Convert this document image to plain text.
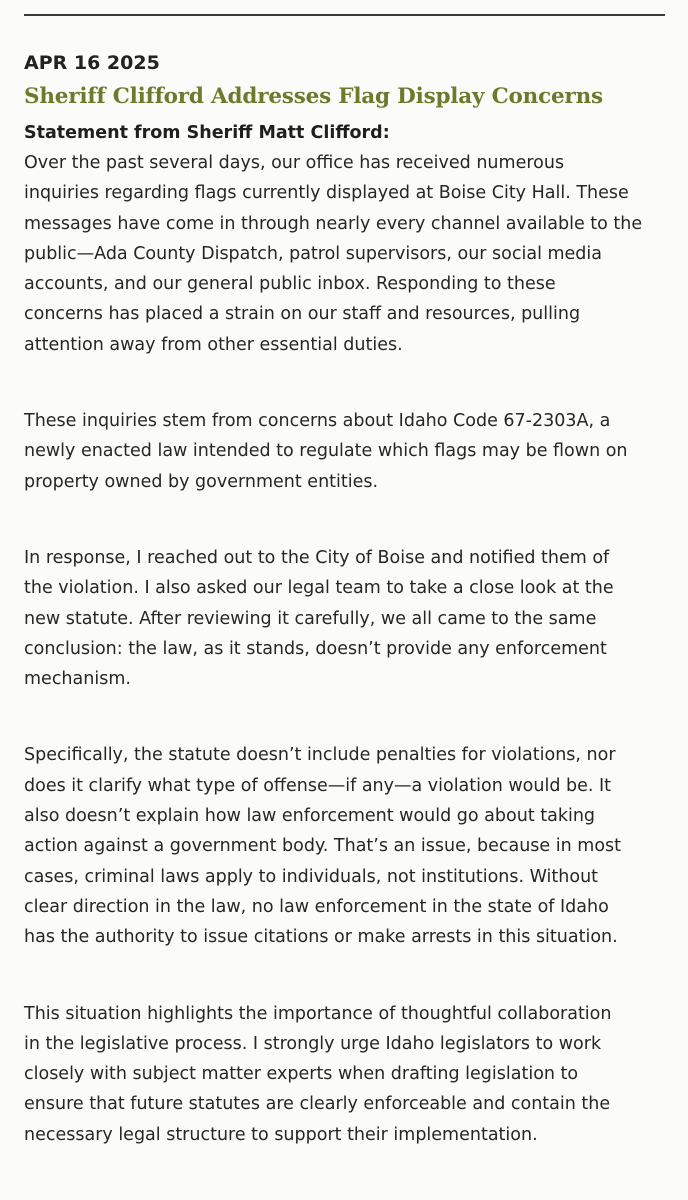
APR 16 2025
Sheriff Clifford Addresses Flag Display Concerns
Statement from Sheriff Matt Clifford:

Over the past several days, our office has received numerous
inquiries regarding flags currently displayed at Boise City Hall. These
messages have come in through nearly every channel available to the
public—Ada County Dispatch, patrol supervisors, our social media
accounts, and our general public inbox. Responding to these
concerns has placed a strain on our staff and resources, pulling
attention away from other essential duties.

These inquiries stem from concerns about Idaho Code 67-2303A, a
newly enacted law intended to regulate which flags may be flown on
property owned by government entities.

In response, I reached out to the City of Boise and notified them of
the violation. I also asked our legal team to take a close look at the
new statute. After reviewing it carefully, we all came to the same
conclusion: the law, as it stands, doesn’t provide any enforcement
mechanism.

Specifically, the statute doesn’t include penalties for violations, nor
does it clarify what type of offense—if any—a violation would be. It
also doesn’t explain how law enforcement would go about taking
action against a government body. That’s an issue, because in most
cases, criminal laws apply to individuals, not institutions. Without
clear direction in the law, no law enforcement in the state of Idaho
has the authority to issue citations or make arrests in this situation.

This situation highlights the importance of thoughtful collaboration
in the legislative process. I strongly urge Idaho legislators to work
closely with subject matter experts when drafting legislation to
ensure that future statutes are clearly enforceable and contain the
necessary legal structure to support their implementation.
